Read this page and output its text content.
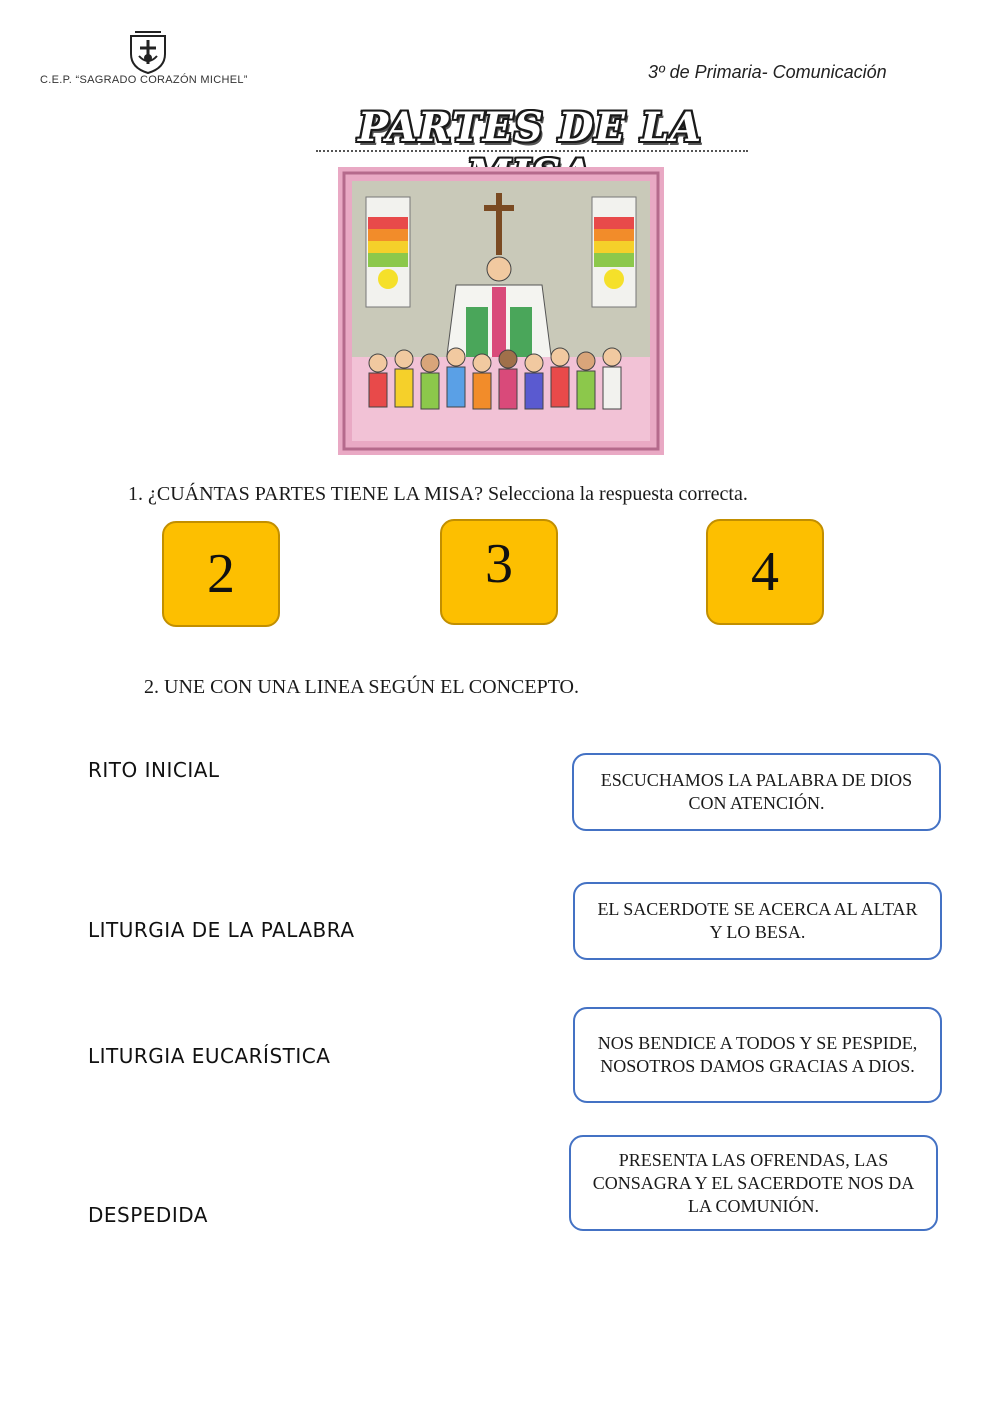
C.E.P. “SAGRADO CORAZÓN MICHEL”	3º de Primaria- Comunicación
PARTES DE LA
1. ¿CUÁNTAS PARTES TIENE LA MISA? Selecciona la respuesta correcta.
2	3	4
2. UNE CON UNA LINEA SEGÚN EL CONCEPTO.
RITO INICIAL
LITURGIA DE LA PALABRA
LITURGIA EUCARÍSTICA
DESPEDIDA
ESCUCHAMOS LA PALABRA DE DIOS CON ATENCIÓN.
EL SACERDOTE SE ACERCA AL ALTAR Y LO BESA.
NOS BENDICE A TODOS Y SE PESPIDE, NOSOTROS DAMOS GRACIAS A DIOS.
PRESENTA LAS OFRENDAS, LAS CONSAGRA Y EL SACERDOTE NOS DA LA COMUNIÓN.
